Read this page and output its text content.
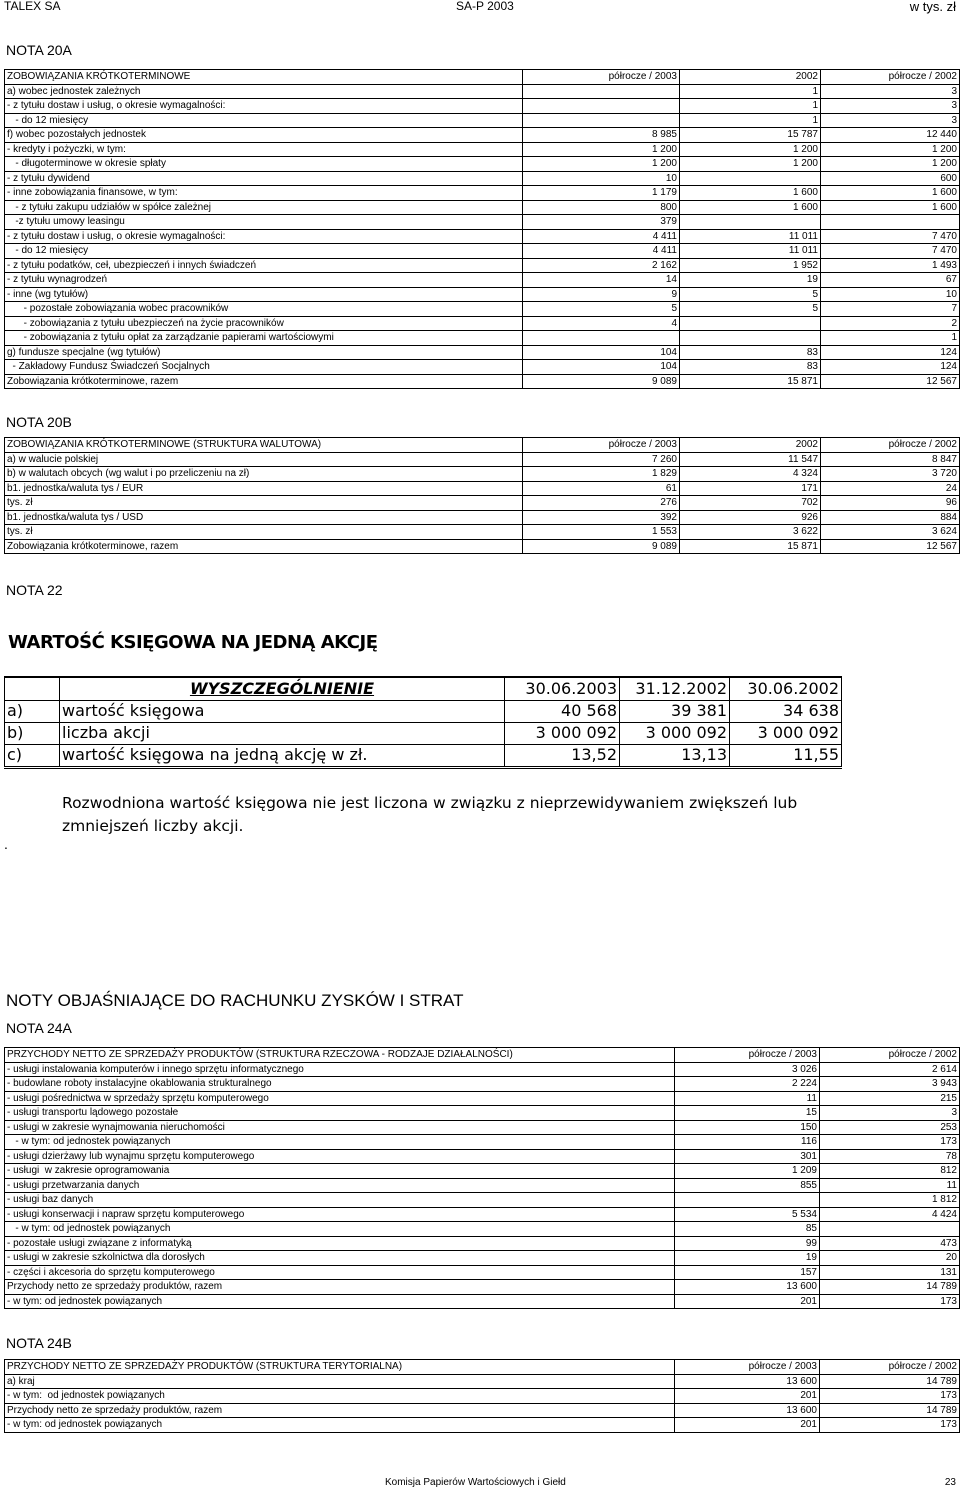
TALEX SA	SA-P 2003	w tys. zł
NOTA 20A
ZOBOWIĄZANIA KRÓTKOTERMINOWE	półrocze / 2003	2002	półrocze / 2002
a) wobec jednostek zależnych		1	3
- z tytułu dostaw i usług, o okresie wymagalności:		1	3
- do 12 miesięcy		1	3
f) wobec pozostałych jednostek	8 985	15 787	12 440
- kredyty i pożyczki, w tym:	1 200	1 200	1 200
- długoterminowe w okresie spłaty	1 200	1 200	1 200
- z tytułu dywidend	10		600
- inne zobowiązania finansowe, w tym:	1 179	1 600	1 600
- z tytułu zakupu udziałów w spółce zależnej	800	1 600	1 600
-z tytułu umowy leasingu	379		
- z tytułu dostaw i usług, o okresie wymagalności:	4 411	11 011	7 470
- do 12 miesięcy	4 411	11 011	7 470
- z tytułu podatków, ceł, ubezpieczeń i innych świadczeń	2 162	1 952	1 493
- z tytułu wynagrodzeń	14	19	67
- inne (wg tytułów)	9	5	10
- pozostałe zobowiązania wobec pracowników	5	5	7
- zobowiązania z tytułu ubezpieczeń na życie pracowników	4		2
- zobowiązania z tytułu opłat za zarządzanie papierami wartościowymi			1
g) fundusze specjalne (wg tytułów)	104	83	124
- Zakładowy Fundusz Świadczeń Socjalnych	104	83	124
Zobowiązania krótkoterminowe, razem	9 089	15 871	12 567
NOTA 20B
ZOBOWIĄZANIA KRÓTKOTERMINOWE (STRUKTURA WALUTOWA)	półrocze / 2003	2002	półrocze / 2002
a) w walucie polskiej	7 260	11 547	8 847
b) w walutach obcych (wg walut i po przeliczeniu na zł)	1 829	4 324	3 720
b1. jednostka/waluta tys / EUR	61	171	24
tys. zł	276	702	96
b1. jednostka/waluta tys / USD	392	926	884
tys. zł	1 553	3 622	3 624
Zobowiązania krótkoterminowe, razem	9 089	15 871	12 567
NOTA 22
WARTOŚĆ KSIĘGOWA NA JEDNĄ AKCJĘ
	WYSZCZEGÓLNIENIE	30.06.2003	31.12.2002	30.06.2002
a)	wartość księgowa	40 568	39 381	34 638
b)	liczba akcji	3 000 092	3 000 092	3 000 092
c)	wartość księgowa na jedną akcję w zł.	13,52	13,13	11,55
Rozwodniona wartość księgowa nie jest liczona w związku z nieprzewidywaniem zwiększeń lub zmniejszeń liczby akcji.
.
NOTY OBJAŚNIAJĄCE DO RACHUNKU ZYSKÓW I STRAT
NOTA 24A
PRZYCHODY NETTO ZE SPRZEDAŻY PRODUKTÓW (STRUKTURA RZECZOWA - RODZAJE DZIAŁALNOŚCI)	półrocze / 2003	półrocze / 2002
- usługi instalowania komputerów i innego sprzętu informatycznego	3 026	2 614
- budowlane roboty instalacyjne okablowania strukturalnego	2 224	3 943
- usługi pośrednictwa w sprzedaży sprzętu komputerowego	11	215
- usługi transportu lądowego pozostałe	15	3
- usługi w zakresie wynajmowania nieruchomości	150	253
- w tym: od jednostek powiązanych	116	173
- usługi dzierżawy lub wynajmu sprzętu komputerowego	301	78
- usługi  w zakresie oprogramowania	1 209	812
- usługi przetwarzania danych	855	11
- usługi baz danych		1 812
- usługi konserwacji i napraw sprzętu komputerowego	5 534	4 424
- w tym: od jednostek powiązanych	85	
- pozostałe usługi związane z informatyką	99	473
- usługi w zakresie szkolnictwa dla dorosłych	19	20
- części i akcesoria do sprzętu komputerowego	157	131
Przychody netto ze sprzedaży produktów, razem	13 600	14 789
- w tym: od jednostek powiązanych	201	173
NOTA 24B
PRZYCHODY NETTO ZE SPRZEDAŻY PRODUKTÓW (STRUKTURA TERYTORIALNA)	półrocze / 2003	półrocze / 2002
a) kraj	13 600	14 789
- w tym:  od jednostek powiązanych	201	173
Przychody netto ze sprzedaży produktów, razem	13 600	14 789
- w tym: od jednostek powiązanych	201	173
Komisja Papierów Wartościowych i Giełd	23
